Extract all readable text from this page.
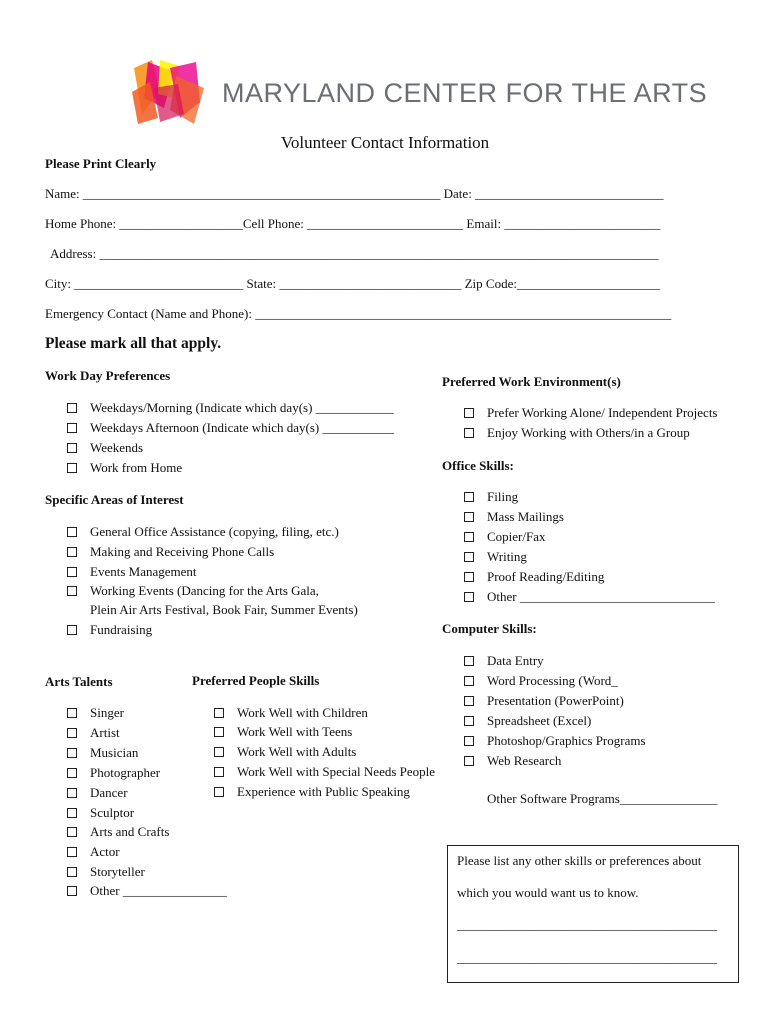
MARYLAND CENTER FOR THE ARTS
Volunteer Contact Information
Please Print Clearly
Name: _______________________________________________________ Date: _____________________________
Home Phone: ___________________Cell Phone: ________________________ Email: ________________________
Address: ______________________________________________________________________________________
City: __________________________ State: ____________________________ Zip Code:______________________
Emergency Contact (Name and Phone): ________________________________________________________________
Please mark all that apply.
Work Day Preferences
Weekdays/Morning (Indicate which day(s) ____________
Weekdays Afternoon (Indicate which day(s) ___________
Weekends
Work from Home
Specific Areas of Interest
General Office Assistance (copying, filing, etc.)
Making and Receiving Phone Calls
Events Management
Working Events (Dancing for the Arts Gala,
Plein Air Arts Festival, Book Fair, Summer Events)
Fundraising
Arts Talents
Singer
Artist
Musician
Photographer
Dancer
Sculptor
Arts and Crafts
Actor
Storyteller
Other ________________
Preferred People Skills
Work Well with Children
Work Well with Teens
Work Well with Adults
Work Well with Special Needs People
Experience with Public Speaking
Preferred Work Environment(s)
Prefer Working Alone/ Independent Projects
Enjoy Working with Others/in a Group
Office Skills:
Filing
Mass Mailings
Copier/Fax
Writing
Proof Reading/Editing
Other ______________________________
Computer Skills:
Data Entry
Word Processing (Word_
Presentation (PowerPoint)
Spreadsheet (Excel)
Photoshop/Graphics Programs
Web Research
Other Software Programs_______________
Please list any other skills or preferences about
which you would want us to know.
________________________________________
________________________________________
